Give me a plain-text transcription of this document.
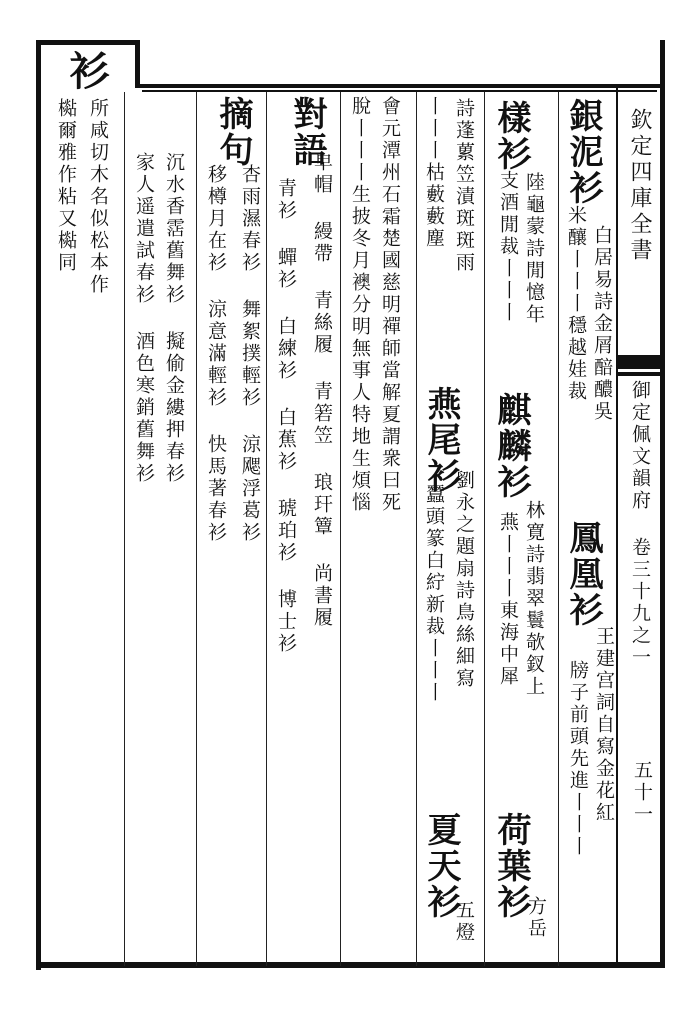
衫
欽定四庫全書
御定佩文韻府 卷三十九之一
五十一
所咸切木名似松本作
檆爾雅作粘又檆同	銀泥衫
白居易詩金屑醅醲吳
米釀丨丨丨穩越娃裁
鳳凰衫
王建宫詞自寫金花紅
牓子前頭先進丨丨丨
樣衫
陸龜蒙詩閒憶年
支酒閒裁丨丨丨
麒麟衫
林寛詩翡翠鬟欹釵上
燕丨丨丨東海中犀
荷葉衫
方岳
詩蓬蔂笠漬斑斑雨
燕尾衫
劉永之題扇詩鳥絲細寫
丨丨丨枯藪藪塵
蠶頭篆白紵新裁丨丨丨
夏天衫
五燈
會元潭州石霜楚國慈明禪師當解夏謂衆曰死
脫丨丨丨生披冬月襖分明無事人特地生煩惱
對語
皁帽 縵帶 青絲履 青箬笠 琅玕簟 尚書履
青衫 蟬衫 白練衫 白蕉衫 琥珀衫 博士衫
摘句
杏雨濕春衫 舞絮撲輕衫 涼飔浮葛衫
移樽月在衫 涼意滿輕衫 快馬著春衫
沉水香霑舊舞衫 擬偷金縷押春衫
家人遥遣試春衫 酒色寒銷舊舞衫
